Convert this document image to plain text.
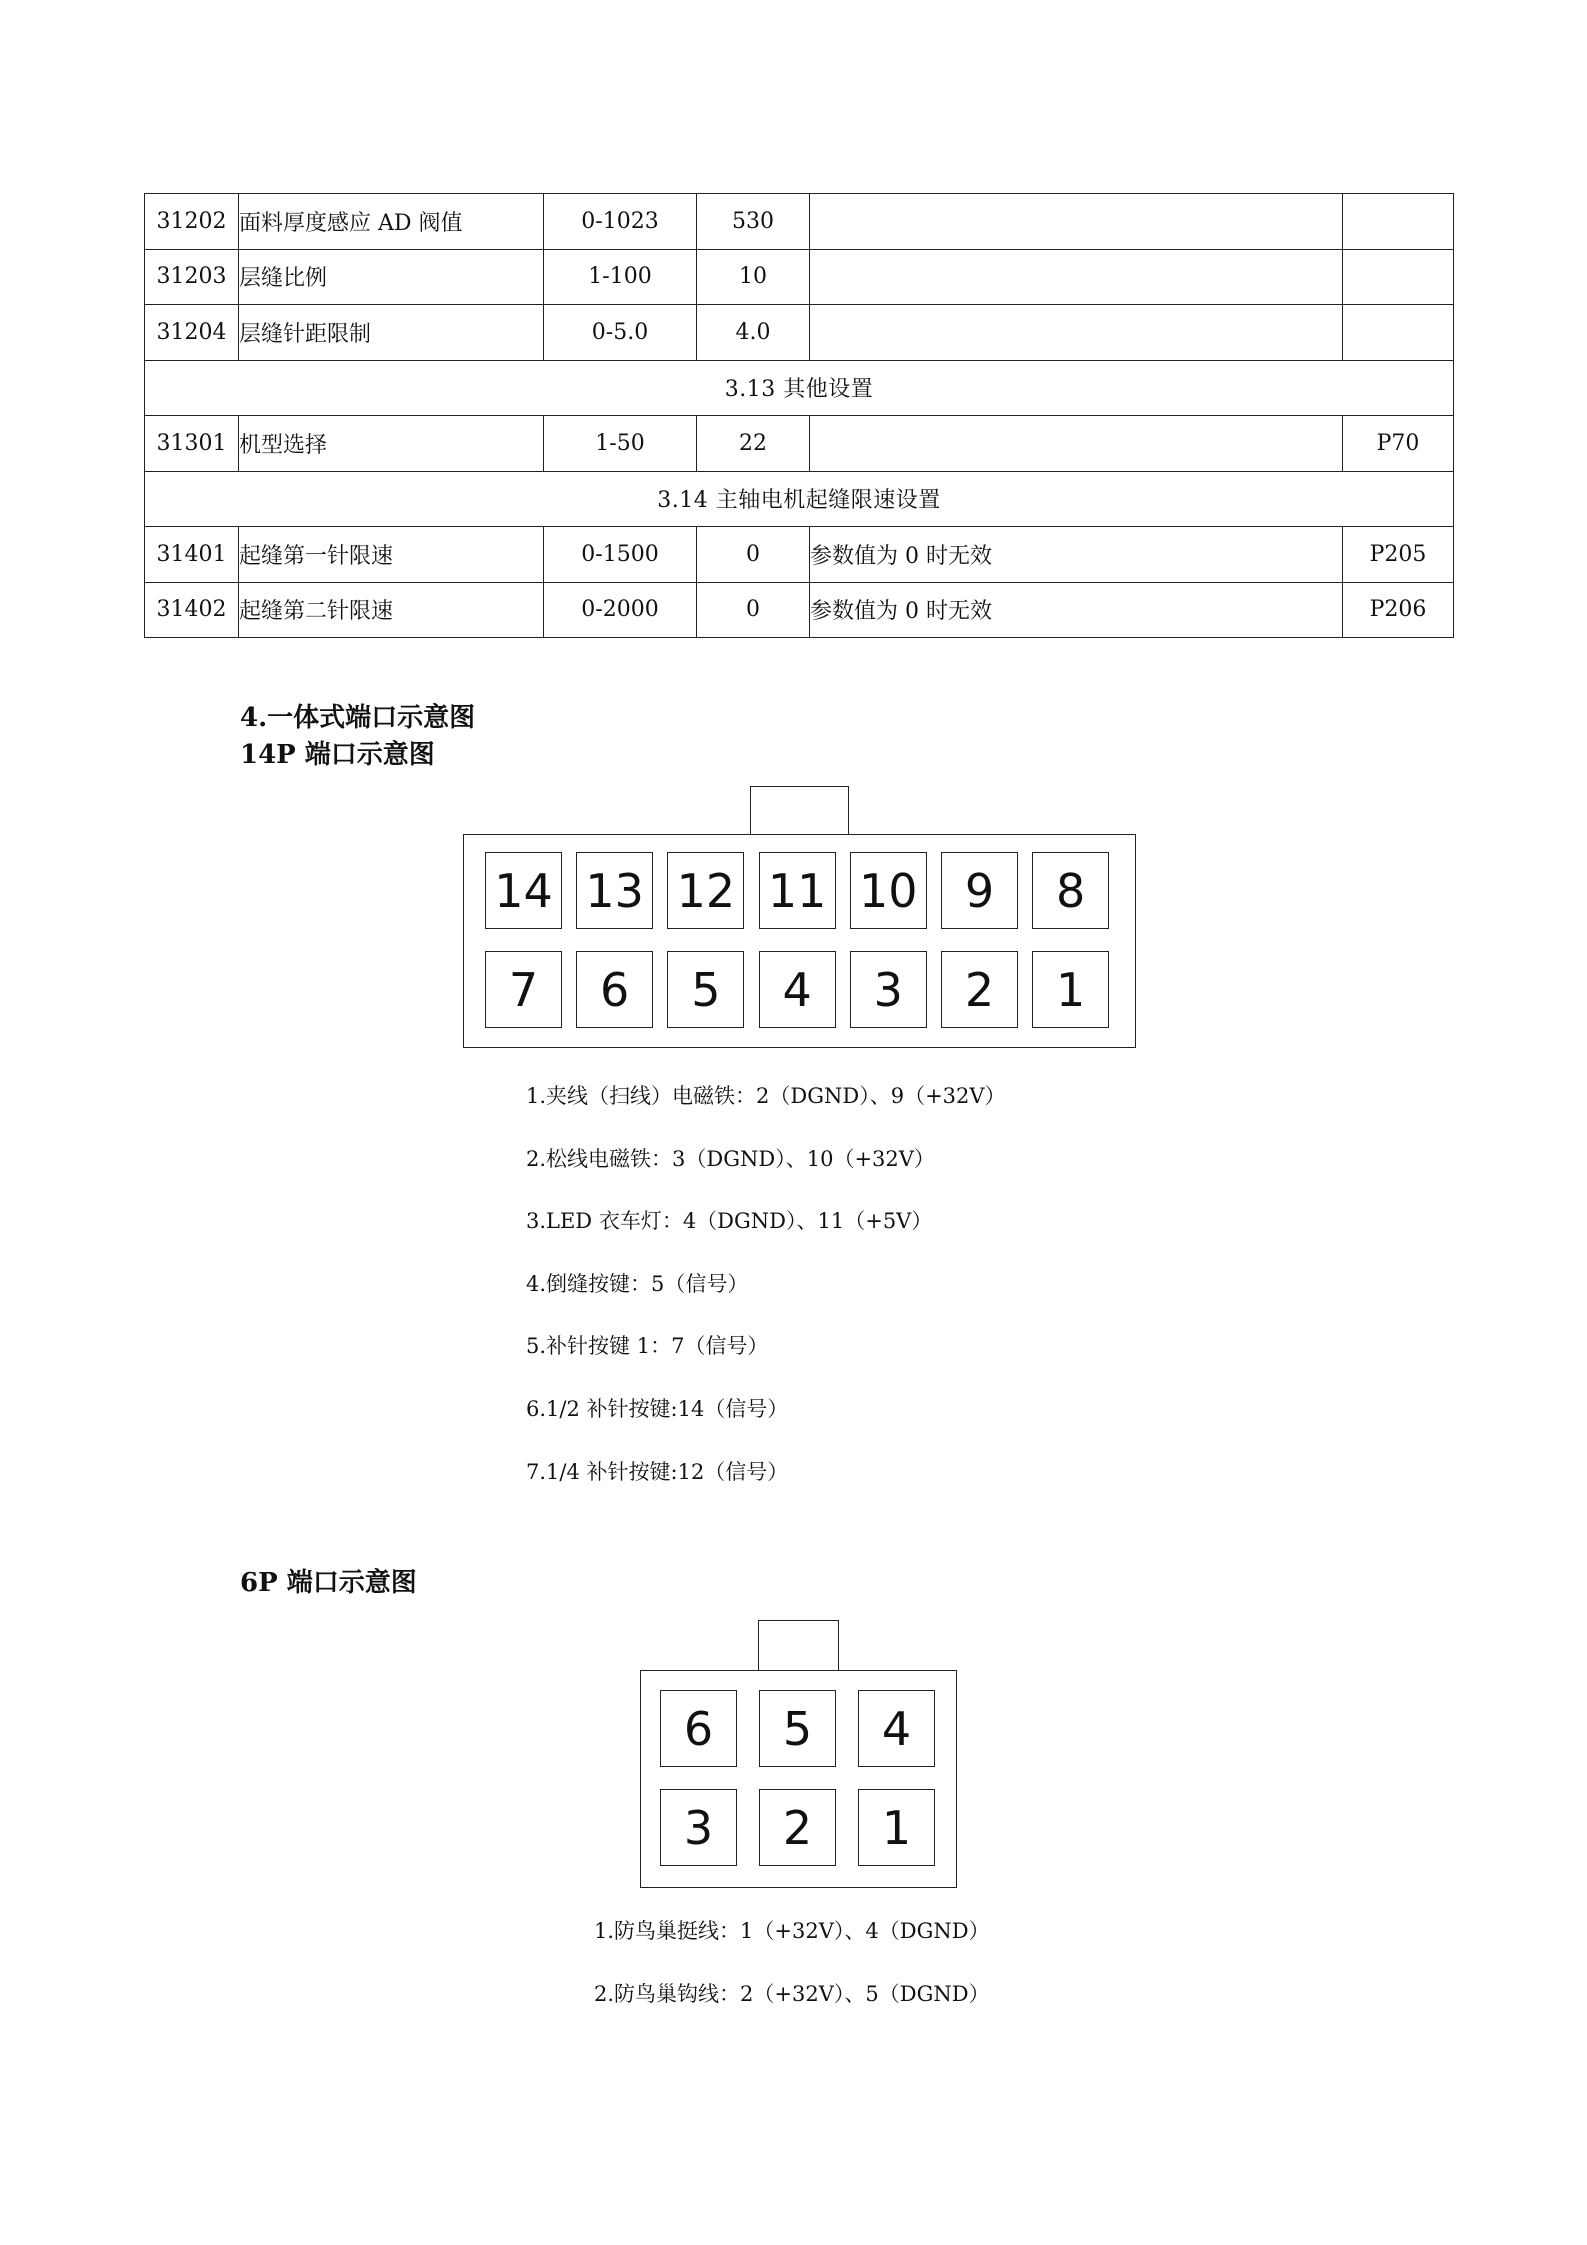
31202	面料厚度感应 AD 阀值	0-1023	530		
31203	层缝比例	1-100	10		
31204	层缝针距限制	0-5.0	4.0		
3.13 其他设置					
31301	机型选择	1-50	22		P70
3.14 主轴电机起缝限速设置					
31401	起缝第一针限速	0-1500	0	参数值为 0 时无效	P205
31402	起缝第二针限速	0-2000	0	参数值为 0 时无效	P206
4.一体式端口示意图
14P 端口示意图
14 13 12 11 10	9	8
7	6	5	4	3	2	1
1.夹线（扫线）电磁铁：2（DGND）、9（+32V）
2.松线电磁铁：3（DGND）、10（+32V）
3.LED 衣车灯：4（DGND）、11（+5V）
4.倒缝按键：5（信号）
5.补针按键 1：7（信号）
6.1/2 补针按键:14（信号）
7.1/4 补针按键:12（信号）
6P 端口示意图
6	5	4
3	2	1
1.防鸟巢挺线：1（+32V）、4（DGND）
2.防鸟巢钩线：2（+32V）、5（DGND）
